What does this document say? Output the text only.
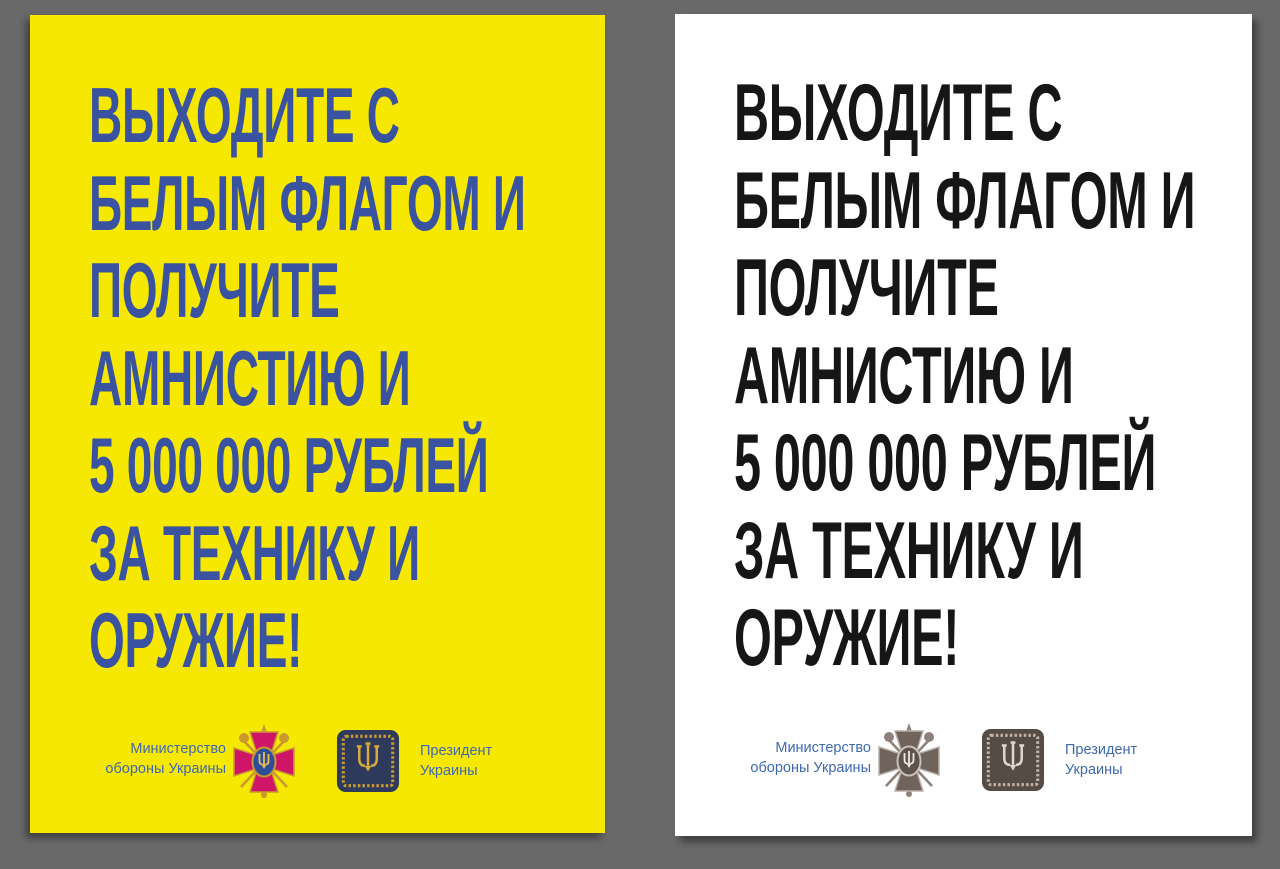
ВЫХОДИТЕ С
БЕЛЫМ ФЛАГОМ И
ПОЛУЧИТЕ
АМНИСТИЮ И
5 000 000 РУБЛЕЙ
ЗА ТЕХНИКУ И
ОРУЖИЕ!
Министерство
обороны Украины
Президент
Украины
ВЫХОДИТЕ С
БЕЛЫМ ФЛАГОМ И
ПОЛУЧИТЕ
АМНИСТИЮ И
5 000 000 РУБЛЕЙ
ЗА ТЕХНИКУ И
ОРУЖИЕ!
Министерство
обороны Украины
Президент
Украины
